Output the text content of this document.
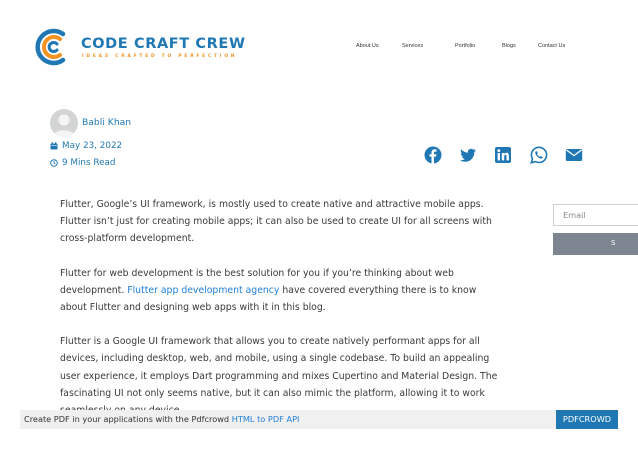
CODE CRAFT CREW
IDEAS CRAFTED TO PERFECTION
About Us	Services	Portfolio	Blogs	Contact Us
Babli Khan
May 23, 2022
9 Mins Read

Flutter, Google’s UI framework, is mostly used to create native and attractive mobile apps. Flutter isn’t just for creating mobile apps; it can also be used to create UI for all screens with cross-platform development.

Flutter for web development is the best solution for you if you’re thinking about web development. Flutter app development agency have covered everything there is to know about Flutter and designing web apps with it in this blog.

Flutter is a Google UI framework that allows you to create natively performant apps for all devices, including desktop, web, and mobile, using a single codebase. To build an appealing user experience, it employs Dart programming and mixes Cupertino and Material Design. The fascinating UI not only seems native, but it can also mimic the platform, allowing it to work

Email
S
Create PDF in your applications with the Pdfcrowd HTML to PDF API	PDFCROWD
